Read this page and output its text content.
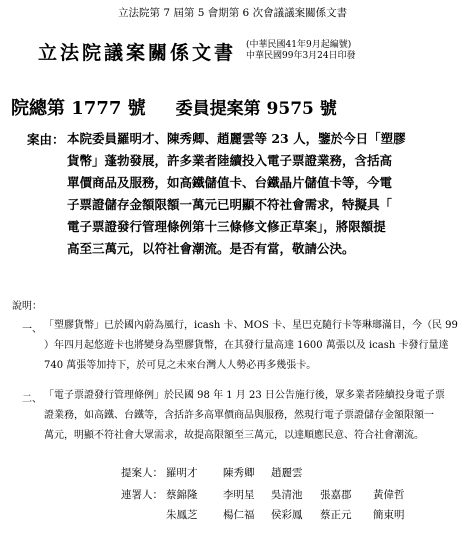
立法院第 7 屆第 5 會期第 6 次會議議案關係文書
立法院議案關係文書 (中華民國41年9月起編號)
中華民國99年3月24日印發
院總第 1777 號 委員提案第 9575 號
案由： 本院委員羅明才、陳秀卿、趙麗雲等 23 人，鑒於今日「塑膠
貨幣」蓬勃發展，許多業者陸續投入電子票證業務，含括高
單價商品及服務，如高鐵儲值卡、台鐵晶片儲值卡等，今電
子票證儲存金額限額一萬元已明顯不符社會需求，特擬具「
電子票證發行管理條例第十三條修文修正草案」，將限額提
高至三萬元，以符社會潮流。是否有當，敬請公決。
說明：
一、 「塑膠貨幣」已於國內蔚為風行，icash 卡、MOS 卡、星巴克隨行卡等琳瑯滿目，今（民 99
）年四月起悠遊卡也將變身為塑膠貨幣，在其發行量高達 1600 萬張以及 icash 卡發行量達
740 萬張等加持下，於可見之未來台灣人人勢必再多幾張卡。
二、 「電子票證發行管理條例」於民國 98 年 1 月 23 日公告施行後，眾多業者陸續投身電子票
證業務，如高鐵、台鐵等，含括許多高單價商品與服務，然現行電子票證儲存金額限額一
萬元，明顯不符社會大眾需求，故提高限額至三萬元，以達順應民意、符合社會潮流。
提案人： 羅明才 陳秀卿 趙麗雲
連署人： 蔡錦隆 李明星 吳清池 張嘉郡 黃偉哲
朱鳳芝 楊仁福 侯彩鳳 蔡正元 簡東明
